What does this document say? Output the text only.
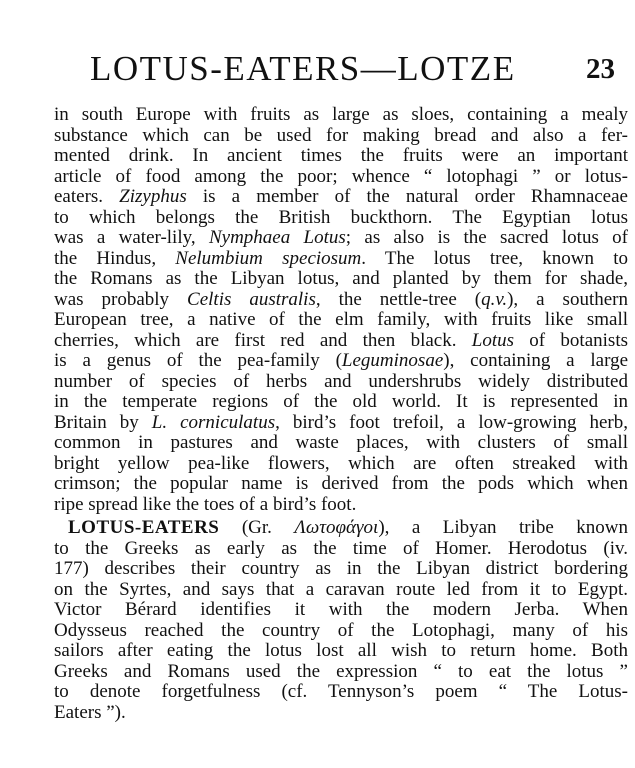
LOTUS-EATERS—LOTZE 23
in south Europe with fruits as large as sloes, containing a mealy
substance which can be used for making bread and also a fer-
mented drink. In ancient times the fruits were an important
article of food among the poor; whence “ lotophagi ” or lotus-
eaters. Zizyphus is a member of the natural order Rhamnaceae
to which belongs the British buckthorn. The Egyptian lotus
was a water-lily, Nymphaea Lotus; as also is the sacred lotus of
the Hindus, Nelumbium speciosum. The lotus tree, known to
the Romans as the Libyan lotus, and planted by them for shade,
was probably Celtis australis, the nettle-tree (q.v.), a southern
European tree, a native of the elm family, with fruits like small
cherries, which are first red and then black. Lotus of botanists
is a genus of the pea-family (Leguminosae), containing a large
number of species of herbs and undershrubs widely distributed
in the temperate regions of the old world. It is represented in
Britain by L. corniculatus, bird’s foot trefoil, a low-growing herb,
common in pastures and waste places, with clusters of small
bright yellow pea-like flowers, which are often streaked with
crimson; the popular name is derived from the pods which when
ripe spread like the toes of a bird’s foot.
LOTUS-EATERS (Gr. Λωτοφάγοι), a Libyan tribe known
to the Greeks as early as the time of Homer. Herodotus (iv.
177) describes their country as in the Libyan district bordering
on the Syrtes, and says that a caravan route led from it to Egypt.
Victor Bérard identifies it with the modern Jerba. When
Odysseus reached the country of the Lotophagi, many of his
sailors after eating the lotus lost all wish to return home. Both
Greeks and Romans used the expression “ to eat the lotus ”
to denote forgetfulness (cf. Tennyson’s poem “ The Lotus-
Eaters ”).
